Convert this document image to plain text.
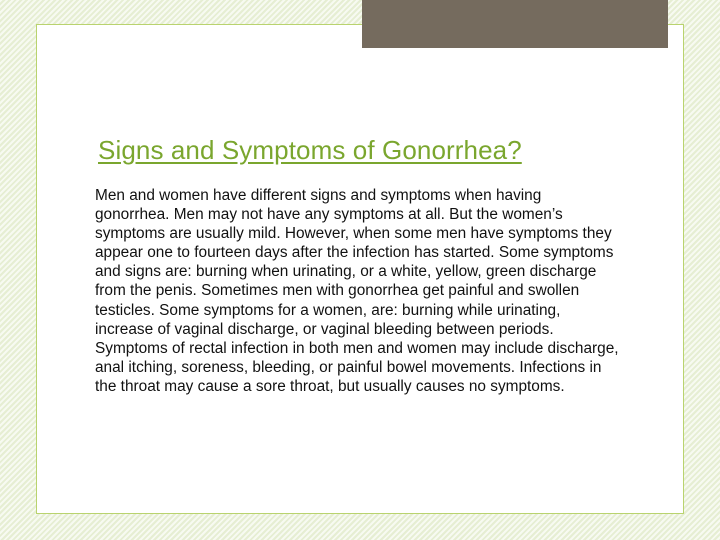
Signs and Symptoms of Gonorrhea?

Men and women have different signs and symptoms when having gonorrhea. Men may not have any symptoms at all. But the women’s symptoms are usually mild. However, when some men have symptoms they appear one to fourteen days after the infection has started. Some symptoms and signs are: burning when urinating, or a white, yellow, green discharge from the penis. Sometimes men with gonorrhea get painful and swollen testicles. Some symptoms for a women, are: burning while urinating, increase of vaginal discharge, or vaginal bleeding between periods. Symptoms of rectal infection in both men and women may include discharge, anal itching, soreness, bleeding, or painful bowel movements. Infections in the throat may cause a sore throat, but usually causes no symptoms.
